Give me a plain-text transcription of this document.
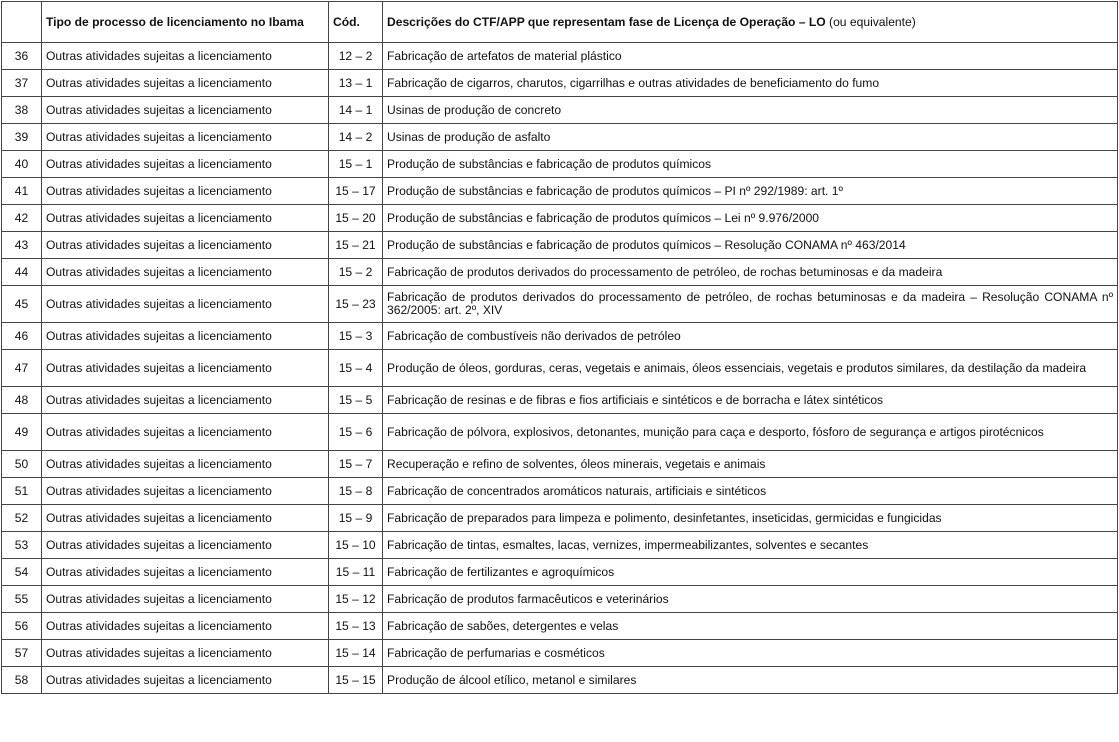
	Tipo de processo de licenciamento no Ibama	Cód.	Descrições do CTF/APP que representam fase de Licença de Operação – LO (ou equivalente)
36	Outras atividades sujeitas a licenciamento	12 – 2	Fabricação de artefatos de material plástico
37	Outras atividades sujeitas a licenciamento	13 – 1	Fabricação de cigarros, charutos, cigarrilhas e outras atividades de beneficiamento do fumo
38	Outras atividades sujeitas a licenciamento	14 – 1	Usinas de produção de concreto
39	Outras atividades sujeitas a licenciamento	14 – 2	Usinas de produção de asfalto
40	Outras atividades sujeitas a licenciamento	15 – 1	Produção de substâncias e fabricação de produtos químicos
41	Outras atividades sujeitas a licenciamento	15 – 17	Produção de substâncias e fabricação de produtos químicos – PI nº 292/1989: art. 1º
42	Outras atividades sujeitas a licenciamento	15 – 20	Produção de substâncias e fabricação de produtos químicos – Lei nº 9.976/2000
43	Outras atividades sujeitas a licenciamento	15 – 21	Produção de substâncias e fabricação de produtos químicos – Resolução CONAMA nº 463/2014
44	Outras atividades sujeitas a licenciamento	15 – 2	Fabricação de produtos derivados do processamento de petróleo, de rochas betuminosas e da madeira
45	Outras atividades sujeitas a licenciamento	15 – 23	Fabricação de produtos derivados do processamento de petróleo, de rochas betuminosas e da madeira – Resolução CONAMA nº 362/2005: art. 2º, XIV
46	Outras atividades sujeitas a licenciamento	15 – 3	Fabricação de combustíveis não derivados de petróleo
47	Outras atividades sujeitas a licenciamento	15 – 4	Produção de óleos, gorduras, ceras, vegetais e animais, óleos essenciais, vegetais e produtos similares, da destilação da madeira
48	Outras atividades sujeitas a licenciamento	15 – 5	Fabricação de resinas e de fibras e fios artificiais e sintéticos e de borracha e látex sintéticos
49	Outras atividades sujeitas a licenciamento	15 – 6	Fabricação de pólvora, explosivos, detonantes, munição para caça e desporto, fósforo de segurança e artigos pirotécnicos
50	Outras atividades sujeitas a licenciamento	15 – 7	Recuperação e refino de solventes, óleos minerais, vegetais e animais
51	Outras atividades sujeitas a licenciamento	15 – 8	Fabricação de concentrados aromáticos naturais, artificiais e sintéticos
52	Outras atividades sujeitas a licenciamento	15 – 9	Fabricação de preparados para limpeza e polimento, desinfetantes, inseticidas, germicidas e fungicidas
53	Outras atividades sujeitas a licenciamento	15 – 10	Fabricação de tintas, esmaltes, lacas, vernizes, impermeabilizantes, solventes e secantes
54	Outras atividades sujeitas a licenciamento	15 – 11	Fabricação de fertilizantes e agroquímicos
55	Outras atividades sujeitas a licenciamento	15 – 12	Fabricação de produtos farmacêuticos e veterinários
56	Outras atividades sujeitas a licenciamento	15 – 13	Fabricação de sabões, detergentes e velas
57	Outras atividades sujeitas a licenciamento	15 – 14	Fabricação de perfumarias e cosméticos
58	Outras atividades sujeitas a licenciamento	15 – 15	Produção de álcool etílico, metanol e similares
